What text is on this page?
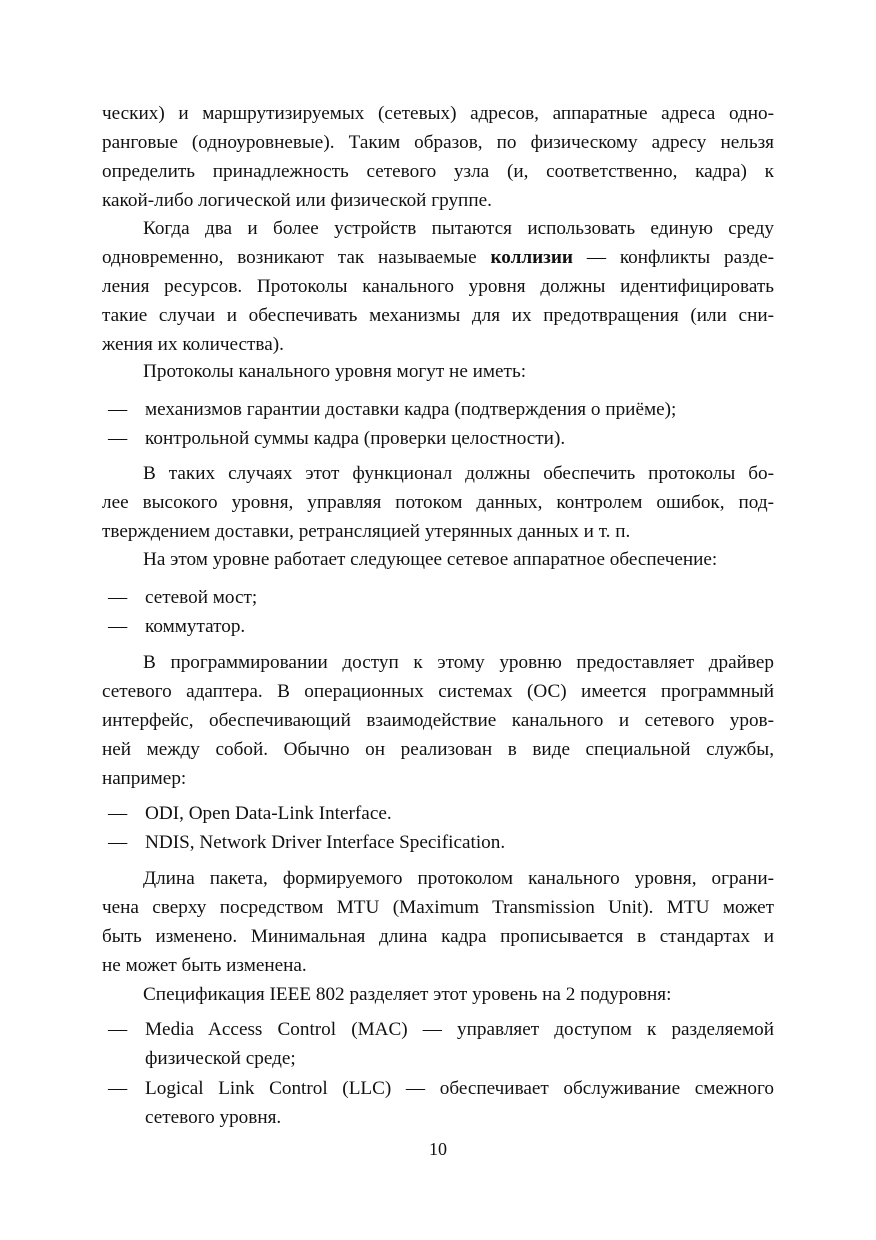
ческих) и маршрутизируемых (сетевых) адресов, аппаратные адреса одно-
ранговые (одноуровневые). Таким образов, по физическому адресу нельзя
определить принадлежность сетевого узла (и, соответственно, кадра) к
какой-либо логической или физической группе.

Когда два и более устройств пытаются использовать единую среду
одновременно, возникают так называемые коллизии — конфликты разде-
ления ресурсов. Протоколы канального уровня должны идентифицировать
такие случаи и обеспечивать механизмы для их предотвращения (или сни-
жения их количества).

Протоколы канального уровня могут не иметь:

— механизмов гарантии доставки кадра (подтверждения о приёме);
— контрольной суммы кадра (проверки целостности).

В таких случаях этот функционал должны обеспечить протоколы бо-
лее высокого уровня, управляя потоком данных, контролем ошибок, под-
тверждением доставки, ретрансляцией утерянных данных и т. п.

На этом уровне работает следующее сетевое аппаратное обеспечение:

— сетевой мост;
— коммутатор.

В программировании доступ к этому уровню предоставляет драйвер
сетевого адаптера. В операционных системах (ОС) имеется программный
интерфейс, обеспечивающий взаимодействие канального и сетевого уров-
ней между собой. Обычно он реализован в виде специальной службы,
например:

— ODI, Open Data-Link Interface.
— NDIS, Network Driver Interface Specification.

Длина пакета, формируемого протоколом канального уровня, ограни-
чена сверху посредством MTU (Maximum Transmission Unit). MTU может
быть изменено. Минимальная длина кадра прописывается в стандартах и
не может быть изменена.

Спецификация IEEE 802 разделяет этот уровень на 2 подуровня:

— Media Access Control (MAC) — управляет доступом к разделяемой
физической среде;
— Logical Link Control (LLC) — обеспечивает обслуживание смежного
сетевого уровня.
10
